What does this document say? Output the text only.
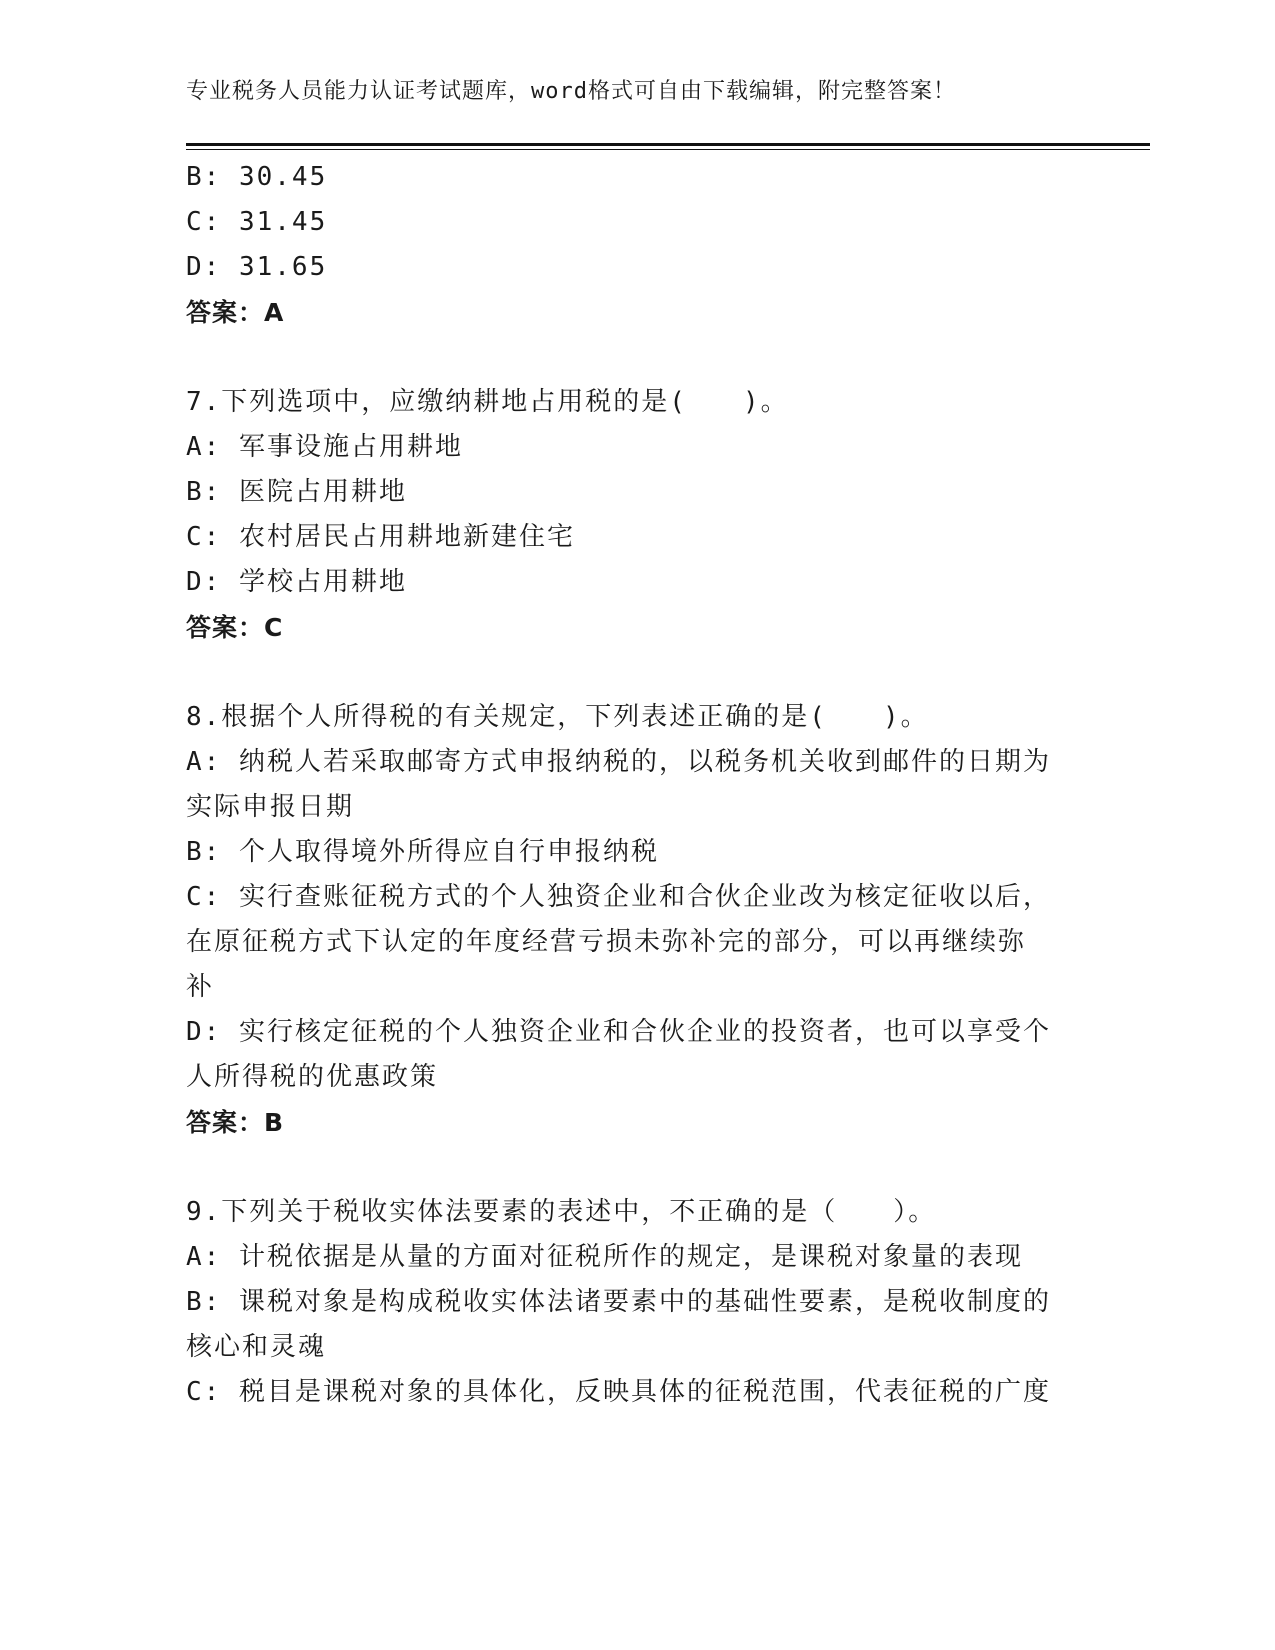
专业税务人员能力认证考试题库，word格式可自由下载编辑，附完整答案！
B: 30.45
C: 31.45
D: 31.65
答案：A
7.下列选项中，应缴纳耕地占用税的是(　　)。
A: 军事设施占用耕地
B: 医院占用耕地
C: 农村居民占用耕地新建住宅
D: 学校占用耕地
答案：C
8.根据个人所得税的有关规定，下列表述正确的是(　　)。
A: 纳税人若采取邮寄方式申报纳税的，以税务机关收到邮件的日期为
实际申报日期
B: 个人取得境外所得应自行申报纳税
C: 实行查账征税方式的个人独资企业和合伙企业改为核定征收以后，
在原征税方式下认定的年度经营亏损未弥补完的部分，可以再继续弥
补
D: 实行核定征税的个人独资企业和合伙企业的投资者，也可以享受个
人所得税的优惠政策
答案：B
9.下列关于税收实体法要素的表述中，不正确的是（　　）。
A: 计税依据是从量的方面对征税所作的规定，是课税对象量的表现
B: 课税对象是构成税收实体法诸要素中的基础性要素，是税收制度的
核心和灵魂
C: 税目是课税对象的具体化，反映具体的征税范围，代表征税的广度
